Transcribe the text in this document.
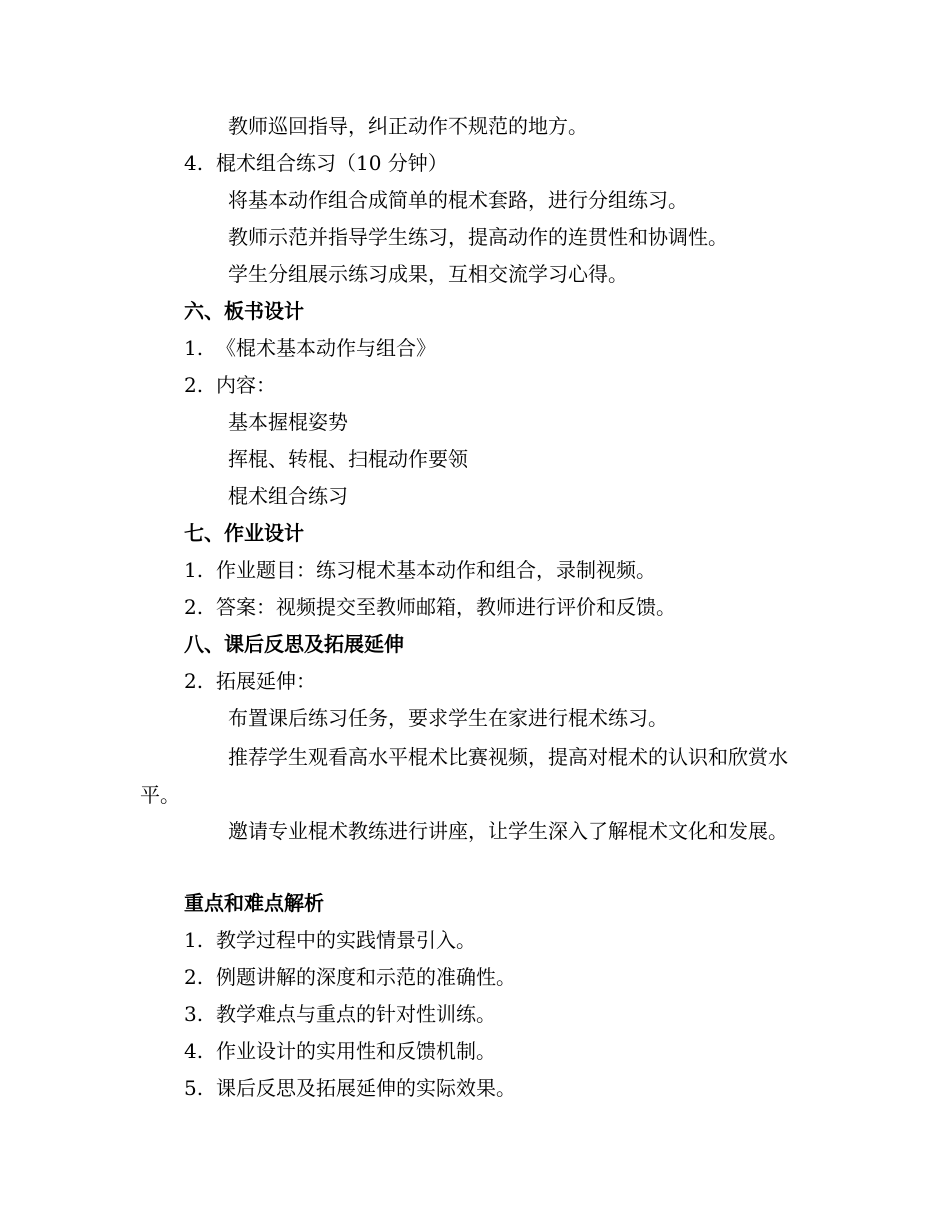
教师巡回指导，纠正动作不规范的地方。
4. 棍术组合练习（10 分钟）
将基本动作组合成简单的棍术套路，进行分组练习。
教师示范并指导学生练习，提高动作的连贯性和协调性。
学生分组展示练习成果，互相交流学习心得。
六、板书设计
1. 《棍术基本动作与组合》
2. 内容：
基本握棍姿势
挥棍、转棍、扫棍动作要领
棍术组合练习
七、作业设计
1. 作业题目：练习棍术基本动作和组合，录制视频。
2. 答案：视频提交至教师邮箱，教师进行评价和反馈。
八、课后反思及拓展延伸
2. 拓展延伸：
布置课后练习任务，要求学生在家进行棍术练习。
推荐学生观看高水平棍术比赛视频，提高对棍术的认识和欣赏水平。
邀请专业棍术教练进行讲座，让学生深入了解棍术文化和发展。
重点和难点解析
1. 教学过程中的实践情景引入。
2. 例题讲解的深度和示范的准确性。
3. 教学难点与重点的针对性训练。
4. 作业设计的实用性和反馈机制。
5. 课后反思及拓展延伸的实际效果。
